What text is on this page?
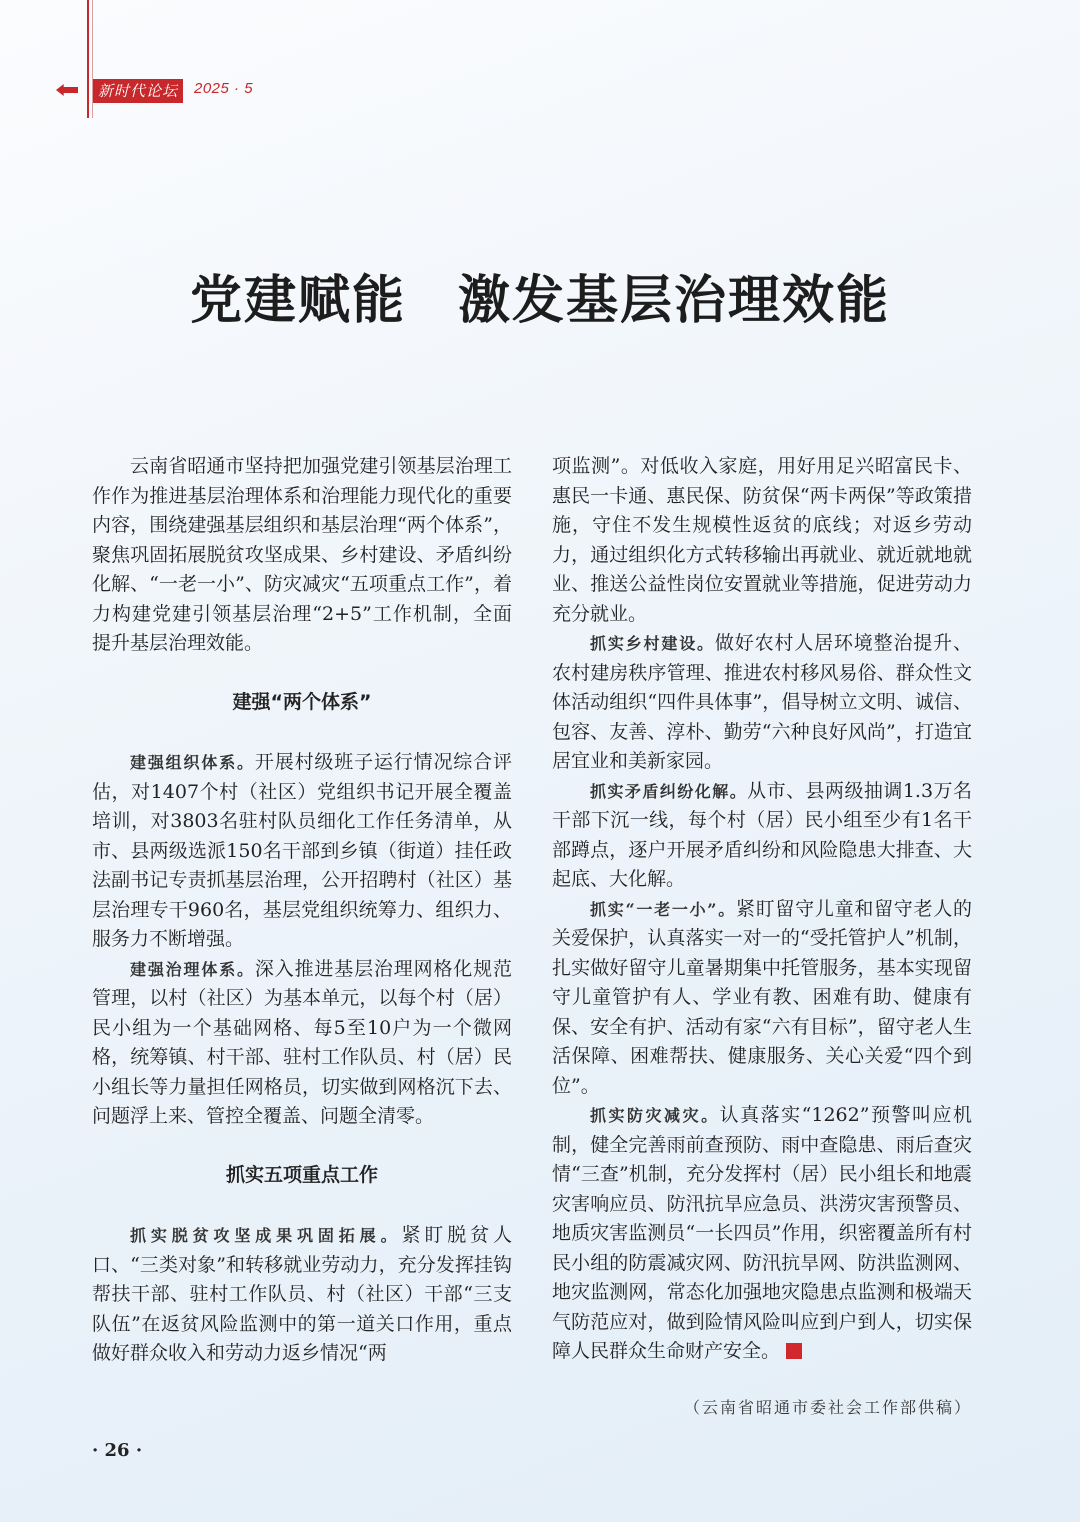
新时代论坛	2025 · 5
党建赋能 激发基层治理效能

云南省昭通市坚持把加强党建引领基层治理工作作为推进基层治理体系和治理能力现代化的重要内容，围绕建强基层组织和基层治理“两个体系”，聚焦巩固拓展脱贫攻坚成果、乡村建设、矛盾纠纷化解、“一老一小”、防灾减灾“五项重点工作”，着力构建党建引领基层治理“2+5”工作机制，全面提升基层治理效能。

建强“两个体系”

建强组织体系。开展村级班子运行情况综合评估，对1407个村（社区）党组织书记开展全覆盖培训，对3803名驻村队员细化工作任务清单，从市、县两级选派150名干部到乡镇（街道）挂任政法副书记专责抓基层治理，公开招聘村（社区）基层治理专干960名，基层党组织统筹力、组织力、服务力不断增强。

建强治理体系。深入推进基层治理网格化规范管理，以村（社区）为基本单元，以每个村（居）民小组为一个基础网格、每5至10户为一个微网格，统筹镇、村干部、驻村工作队员、村（居）民小组长等力量担任网格员，切实做到网格沉下去、问题浮上来、管控全覆盖、问题全清零。

抓实五项重点工作

抓实脱贫攻坚成果巩固拓展。紧盯脱贫人口、“三类对象”和转移就业劳动力，充分发挥挂钩帮扶干部、驻村工作队员、村（社区）干部“三支队伍”在返贫风险监测中的第一道关口作用，重点做好群众收入和劳动力返乡情况“两

项监测”。对低收入家庭，用好用足兴昭富民卡、惠民一卡通、惠民保、防贫保“两卡两保”等政策措施，守住不发生规模性返贫的底线；对返乡劳动力，通过组织化方式转移输出再就业、就近就地就业、推送公益性岗位安置就业等措施，促进劳动力充分就业。

抓实乡村建设。做好农村人居环境整治提升、农村建房秩序管理、推进农村移风易俗、群众性文体活动组织“四件具体事”，倡导树立文明、诚信、包容、友善、淳朴、勤劳“六种良好风尚”，打造宜居宜业和美新家园。

抓实矛盾纠纷化解。从市、县两级抽调1.3万名干部下沉一线，每个村（居）民小组至少有1名干部蹲点，逐户开展矛盾纠纷和风险隐患大排查、大起底、大化解。

抓实“一老一小”。紧盯留守儿童和留守老人的关爱保护，认真落实一对一的“受托管护人”机制，扎实做好留守儿童暑期集中托管服务，基本实现留守儿童管护有人、学业有教、困难有助、健康有保、安全有护、活动有家“六有目标”，留守老人生活保障、困难帮扶、健康服务、关心关爱“四个到位”。

抓实防灾减灾。认真落实“1262”预警叫应机制，健全完善雨前查预防、雨中查隐患、雨后查灾情“三查”机制，充分发挥村（居）民小组长和地震灾害响应员、防汛抗旱应急员、洪涝灾害预警员、地质灾害监测员“一长四员”作用，织密覆盖所有村民小组的防震减灾网、防汛抗旱网、防洪监测网、地灾监测网，常态化加强地灾隐患点监测和极端天气防范应对，做到险情风险叫应到户到人，切实保障人民群众生命财产安全。

（云南省昭通市委社会工作部供稿）
· 26 ·
